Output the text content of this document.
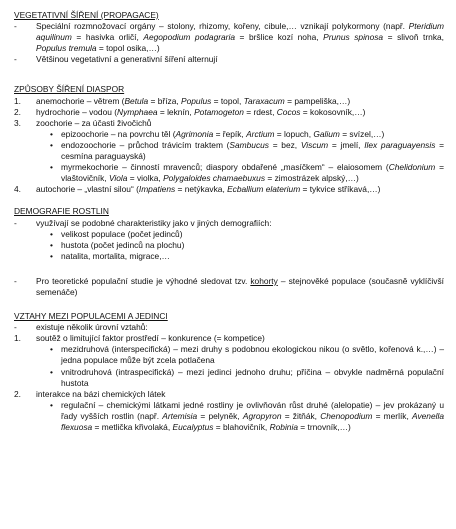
VEGETATIVNÍ ŠÍŘENÍ (PROPAGACE)

- Speciální rozmnožovací orgány – stolony, rhizomy, kořeny, cibule,… vznikají polykormony (např. Pteridium aquilinum = hasivka orličí, Aegopodium podagraria = bršlice kozí noha, Prunus spinosa = slivoň trnka, Populus tremula = topol osika,…)
- Většinou vegetativní a generativní šíření alternují

ZPŮSOBY ŠÍŘENÍ DIASPOR

1. anemochorie – větrem (Betula = bříza, Populus = topol, Taraxacum = pampeliška,…)
2. hydrochorie – vodou (Nymphaea = leknín, Potamogeton = rdest, Cocos = kokosovník,…)
3. zoochorie – za účasti živočichů
• epizoochorie – na povrchu těl (Agrimonia = řepík, Arctium = lopuch, Galium = svízel,…)
• endozoochorie – průchod trávicím traktem (Sambucus = bez, Viscum = jmelí, Ilex paraguayensis = cesmína paraguayská)
• myrmekochorie – činností mravenců; diaspory obdařené „masíčkem“ – elaiosomem (Chelidonium = vlaštovičník, Viola = violka, Polygaloides chamaebuxus = zimostrázek alpský,…)
4. autochorie – „vlastní silou“ (Impatiens = netýkavka, Ecballium elaterium = tykvice stříkavá,…)

DEMOGRAFIE ROSTLIN

- využívají se podobné charakteristiky jako v jiných demografiích:
• velikost populace (počet jedinců)
• hustota (počet jedinců na plochu)
• natalita, mortalita, migrace,…
- Pro teoretické populační studie je výhodné sledovat tzv. kohorty – stejnověké populace (současně vyklíčivší semenáče)

VZTAHY MEZI POPULACEMI A JEDINCI

- existuje několik úrovní vztahů:
1. soutěž o limitující faktor prostředí – konkurence (= kompetice)
• mezidruhová (interspecifická) – mezi druhy s podobnou ekologickou nikou (o světlo, kořenová k.,…) – jedna populace může být zcela potlačena
• vnitrodruhová (intraspecifická) – mezi jedinci jednoho druhu; příčina – obvykle nadměrná populační hustota
2. interakce na bázi chemických látek
• regulační – chemickými látkami jedné rostliny je ovlivňován růst druhé (alelopatie) – jev prokázaný u řady vyšších rostlin (např. Artemisia = pelyněk, Agropyron = žitňák, Chenopodium = merlík, Avenella flexuosa = metlička křivolaká, Eucalyptus = blahovičník, Robinia = trnovník,…)
